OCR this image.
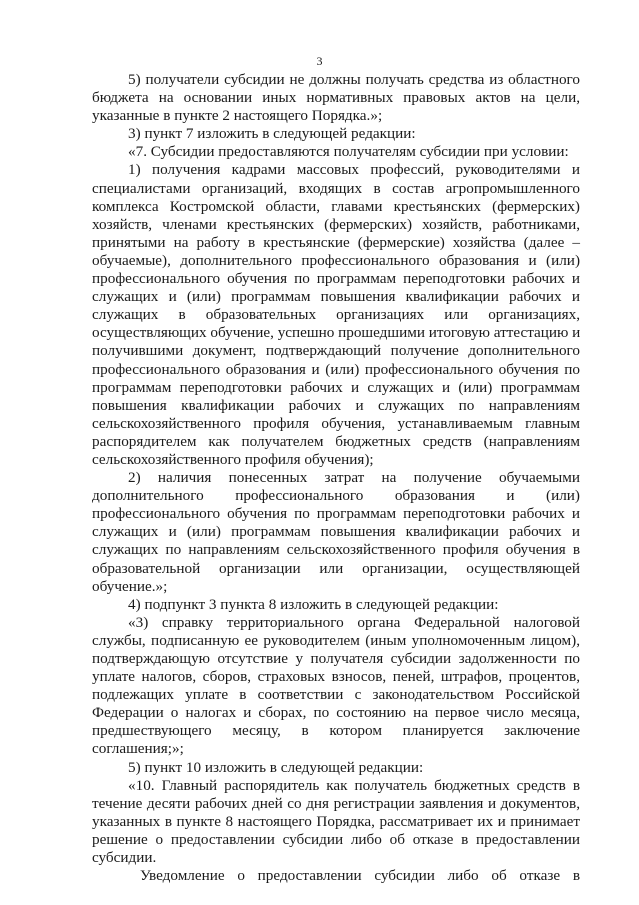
3
5) получатели субсидии не должны получать средства из областного
бюджета на основании иных нормативных правовых актов на цели,
указанные в пункте 2 настоящего Порядка.»;
3) пункт 7 изложить в следующей редакции:
«7. Субсидии предоставляются получателям субсидии при условии:
1) получения кадрами массовых профессий, руководителями и
специалистами организаций, входящих в состав агропромышленного
комплекса Костромской области, главами крестьянских (фермерских)
хозяйств, членами крестьянских (фермерских) хозяйств, работниками,
принятыми на работу в крестьянские (фермерские) хозяйства (далее –
обучаемые), дополнительного профессионального образования и (или)
профессионального обучения по программам переподготовки рабочих и
служащих и (или) программам повышения квалификации рабочих и
служащих в образовательных организациях или организациях,
осуществляющих обучение, успешно прошедшими итоговую аттестацию и
получившими документ, подтверждающий получение дополнительного
профессионального образования и (или) профессионального обучения по
программам переподготовки рабочих и служащих и (или) программам
повышения квалификации рабочих и служащих по направлениям
сельскохозяйственного профиля обучения, устанавливаемым главным
распорядителем как получателем бюджетных средств (направлениям
сельскохозяйственного профиля обучения);
2) наличия понесенных затрат на получение обучаемыми
дополнительного профессионального образования и (или)
профессионального обучения по программам переподготовки рабочих и
служащих и (или) программам повышения квалификации рабочих и
служащих по направлениям сельскохозяйственного профиля обучения в
образовательной организации или организации, осуществляющей
обучение.»;
4) подпункт 3 пункта 8 изложить в следующей редакции:
«3) справку территориального органа Федеральной налоговой
службы, подписанную ее руководителем (иным уполномоченным лицом),
подтверждающую отсутствие у получателя субсидии задолженности по
уплате налогов, сборов, страховых взносов, пеней, штрафов, процентов,
подлежащих уплате в соответствии с законодательством Российской
Федерации о налогах и сборах, по состоянию на первое число месяца,
предшествующего месяцу, в котором планируется заключение
соглашения;»;
5) пункт 10 изложить в следующей редакции:
«10. Главный распорядитель как получатель бюджетных средств в
течение десяти рабочих дней со дня регистрации заявления и документов,
указанных в пункте 8 настоящего Порядка, рассматривает их и принимает
решение о предоставлении субсидии либо об отказе в предоставлении
субсидии.
Уведомление о предоставлении субсидии либо об отказе в
